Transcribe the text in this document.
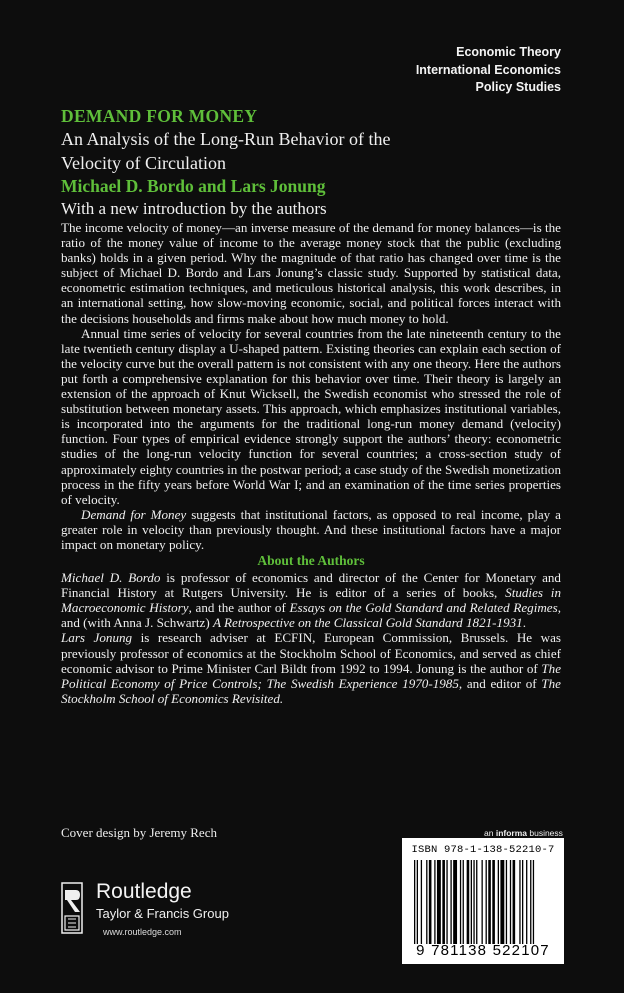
Economic Theory
International Economics
Policy Studies
DEMAND FOR MONEY
An Analysis of the Long-Run Behavior of the
Velocity of Circulation
Michael D. Bordo and Lars Jonung
With a new introduction by the authors

The income velocity of money—an inverse measure of the demand for money balances—is the ratio of the money value of income to the average money stock that the public (excluding banks) holds in a given period. Why the magnitude of that ratio has changed over time is the subject of Michael D. Bordo and Lars Jonung’s classic study. Supported by statistical data, econometric estimation techniques, and meticulous historical analysis, this work describes, in an international setting, how slow-moving economic, social, and political forces interact with the decisions households and firms make about how much money to hold.

Annual time series of velocity for several countries from the late nineteenth century to the late twentieth century display a U-shaped pattern. Existing theories can explain each section of the velocity curve but the overall pattern is not consistent with any one theory. Here the authors put forth a comprehensive explanation for this behavior over time. Their theory is largely an extension of the approach of Knut Wicksell, the Swedish economist who stressed the role of substitution between monetary assets. This approach, which emphasizes institutional variables, is incorporated into the arguments for the traditional long-run money demand (velocity) function. Four types of empirical evidence strongly support the authors’ theory: econometric studies of the long-run velocity function for several countries; a cross-section study of approximately eighty countries in the postwar period; a case study of the Swedish monetization process in the fifty years before World War I; and an examination of the time series properties of velocity.

Demand for Money suggests that institutional factors, as opposed to real income, play a greater role in velocity than previously thought. And these institutional factors have a major impact on monetary policy.

About the Authors

Michael D. Bordo is professor of economics and director of the Center for Monetary and Financial History at Rutgers University. He is editor of a series of books, Studies in Macroeconomic History, and the author of Essays on the Gold Standard and Related Regimes, and (with Anna J. Schwartz) A Retrospective on the Classical Gold Standard 1821-1931.

Lars Jonung is research adviser at ECFIN, European Commission, Brussels. He was previously professor of economics at the Stockholm School of Economics, and served as chief economic advisor to Prime Minister Carl Bildt from 1992 to 1994. Jonung is the author of The Political Economy of Price Controls; The Swedish Experience 1970-1985, and editor of The Stockholm School of Economics Revisited.

Cover design by Jeremy Rech
Routledge
Taylor & Francis Group
www.routledge.com
an informa business
ISBN 978-1-138-52210-7
9 781138 522107
